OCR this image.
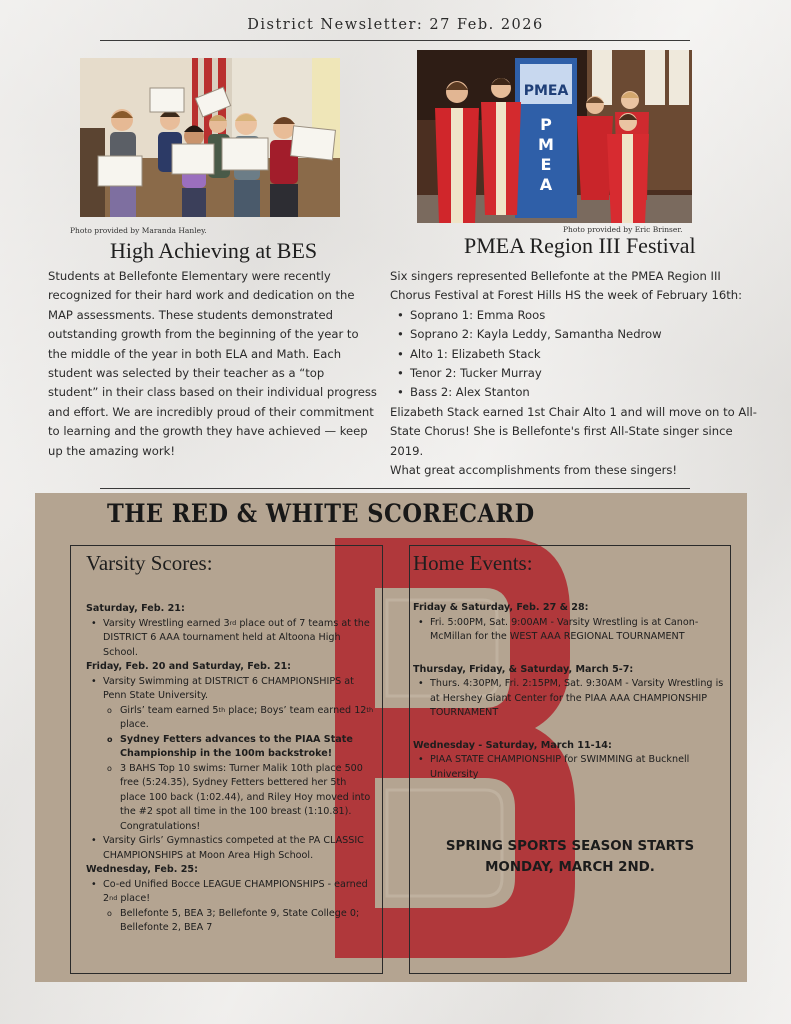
District Newsletter: 27 Feb. 2026
Photo provided by Maranda Hanley.
PMEA
P
M
E
A
Photo provided by Eric Brinser.
High Achieving at BES	PMEA Region III Festival
Students at Bellefonte Elementary were recently recognized for their hard work and dedication on the MAP assessments. These students demonstrated outstanding growth from the beginning of the year to the middle of the year in both ELA and Math. Each student was selected by their teacher as a “top student” in their class based on their individual progress and effort. We are incredibly proud of their commitment to learning and the growth they have achieved — keep up the amazing work!
Six singers represented Bellefonte at the PMEA Region III Chorus Festival at Forest Hills HS the week of February 16th:
• Soprano 1: Emma Roos
• Soprano 2: Kayla Leddy, Samantha Nedrow
• Alto 1: Elizabeth Stack
• Tenor 2: Tucker Murray
• Bass 2: Alex Stanton
Elizabeth Stack earned 1st Chair Alto 1 and will move on to All-State Chorus! She is Bellefonte's first All-State singer since 2019.
What great accomplishments from these singers!
THE RED & WHITE SCORECARD
Varsity Scores:
Saturday, Feb. 21:
• Varsity Wrestling earned 3rd place out of 7 teams at the DISTRICT 6 AAA tournament held at Altoona High School.
Friday, Feb. 20 and Saturday, Feb. 21:
• Varsity Swimming at DISTRICT 6 CHAMPIONSHIPS at Penn State University.
o Girls’ team earned 5th place; Boys’ team earned 12th place.
o Sydney Fetters advances to the PIAA State Championship in the 100m backstroke!
o 3 BAHS Top 10 swims: Turner Malik 10th place 500 free (5:24.35), Sydney Fetters bettered her 5th place 100 back (1:02.44), and Riley Hoy moved into the #2 spot all time in the 100 breast (1:10.81). Congratulations!
• Varsity Girls’ Gymnastics competed at the PA CLASSIC CHAMPIONSHIPS at Moon Area High School.
Wednesday, Feb. 25:
• Co-ed Unified Bocce LEAGUE CHAMPIONSHIPS - earned 2nd place!
o Bellefonte 5, BEA 3; Bellefonte 9, State College 0; Bellefonte 2, BEA 7
Home Events:
Friday & Saturday, Feb. 27 & 28:
• Fri. 5:00PM, Sat. 9:00AM - Varsity Wrestling is at Canon-McMillan for the WEST AAA REGIONAL TOURNAMENT
Thursday, Friday, & Saturday, March 5-7:
• Thurs. 4:30PM, Fri. 2:15PM, Sat. 9:30AM - Varsity Wrestling is at Hershey Giant Center for the PIAA AAA CHAMPIONSHIP TOURNAMENT
Wednesday - Saturday, March 11-14:
• PIAA STATE CHAMPIONSHIP for SWIMMING at Bucknell University
SPRING SPORTS SEASON STARTS
MONDAY, MARCH 2ND.
